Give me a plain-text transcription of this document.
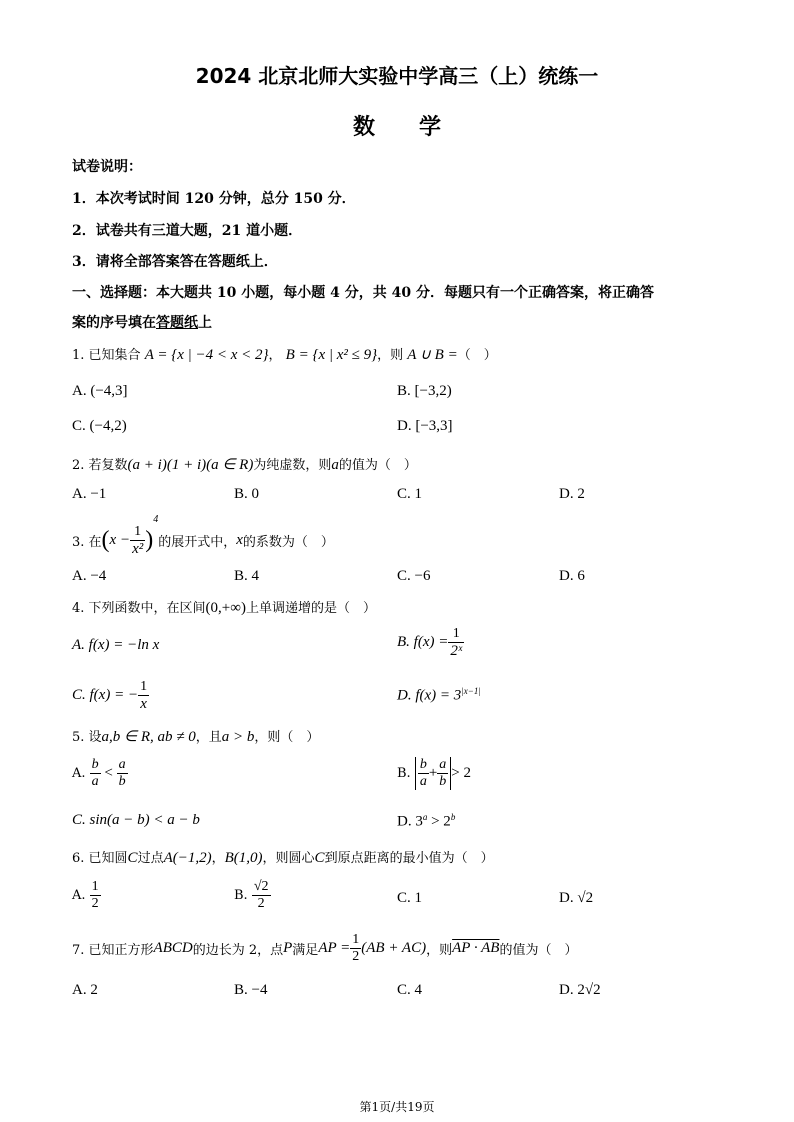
2024 北京北师大实验中学高三（上）统练一
数学
试卷说明：
1．本次考试时间 120 分钟，总分 150 分．
2．试卷共有三道大题，21 道小题．
3．请将全部答案答在答题纸上．
一、选择题：本大题共 10 小题，每小题 4 分，共 40 分．每题只有一个正确答案，将正确答
案的序号填在答题纸上
1. 已知集合 A = {x | −4 < x < 2}， B = {x | x² ≤ 9}，则 A ∪ B =（　）
A. (−4,3]	B. [−3,2)
C. (−4,2)	D. [−3,3]
2. 若复数(a + i)(1 + i)(a ∈ R)为纯虚数，则a的值为（　）
A. −1	B. 0	C. 1	D. 2
3. 在$(x - \frac{1}{\text{x²}} )^4$的展开式中，x的系数为（　）
A. −4	B. 4	C. −6	D. 6
4. 下列函数中，在区间(0,+∞)上单调递增的是（　）
A. f(x) = −ln x	B. $f(x) = \frac{1}{\text{2ˣ}}$
C. f(x) = − $\frac{1}{x}$	D. $f(x) = 3^{|x-1|}$
5. 设a,b ∈ R, ab ≠ 0，且a > b，则（　）
A. $\frac{b}{a} < \frac{a}{b}$	B. $\frac{b}{a} + \frac{a}{b} > 2$
C. sin(a − b) < a − b	D. $3^a > 2^b$
6. 已知圆C过点A(−1,2)，B(1,0)，则圆心C到原点距离的最小值为（　）
A. $\frac{1}{2}$	B. $\frac{√2}{2}$	C. 1	D. √2
7. 已知正方形ABCD的边长为 2，点P满足AP = $\frac{1}{2} (AB + AC)$，则AP · AB的值为（　）
A. 2	B. −4	C. 4	D. 2√2
第1页/共19页
